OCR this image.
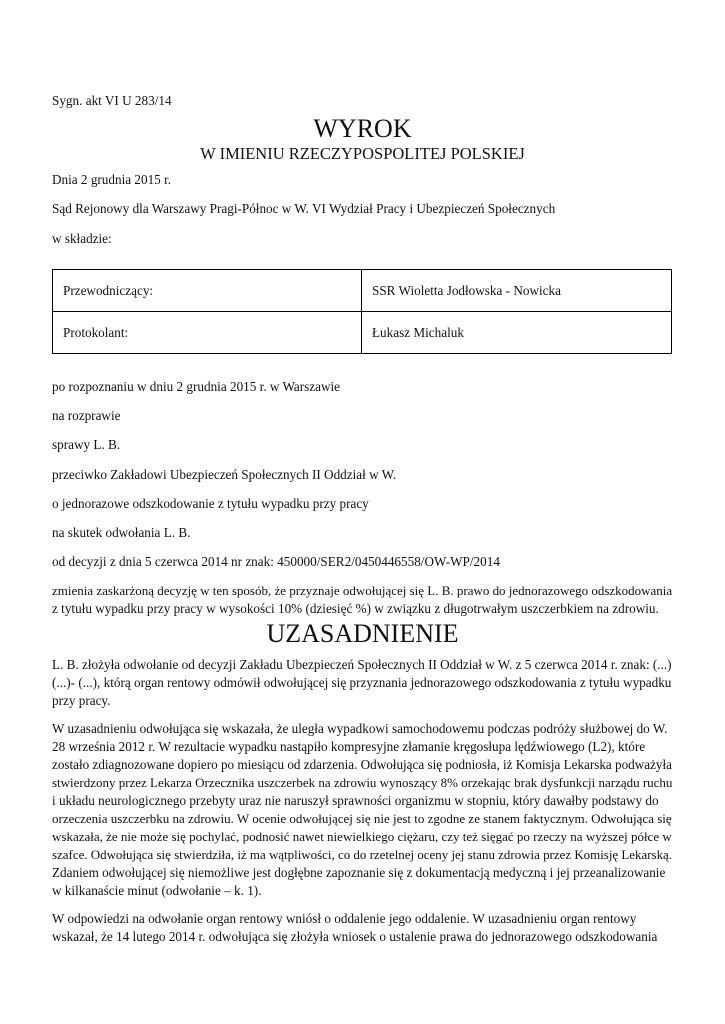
Sygn. akt VI U 283/14
WYROK
W IMIENIU RZECZYPOSPOLITEJ POLSKIEJ
Dnia 2 grudnia 2015 r.
Sąd Rejonowy dla Warszawy Pragi-Północ w W. VI Wydział Pracy i Ubezpieczeń Społecznych
w składzie:
Przewodniczący:	SSR Wioletta Jodłowska - Nowicka
Protokolant:	Łukasz Michaluk
po rozpoznaniu w dniu 2 grudnia 2015 r. w Warszawie
na rozprawie
sprawy L. B.
przeciwko Zakładowi Ubezpieczeń Społecznych II Oddział w W.
o jednorazowe odszkodowanie z tytułu wypadku przy pracy
na skutek odwołania L. B.
od decyzji z dnia 5 czerwca 2014 nr znak: 450000/SER2/0450446558/OW-WP/2014
zmienia zaskarżoną decyzję w ten sposób, że przyznaje odwołującej się L. B. prawo do jednorazowego odszkodowania
z tytułu wypadku przy pracy w wysokości 10% (dziesięć %) w związku z długotrwałym uszczerbkiem na zdrowiu.
UZASADNIENIE
L. B. złożyła odwołanie od decyzji Zakładu Ubezpieczeń Społecznych II Oddział w W. z 5 czerwca 2014 r. znak: (...)
(...)- (...), którą organ rentowy odmówił odwołującej się przyznania jednorazowego odszkodowania z tytułu wypadku
przy pracy.
W uzasadnieniu odwołująca się wskazała, że uległa wypadkowi samochodowemu podczas podróży służbowej do W.
28 września 2012 r. W rezultacie wypadku nastąpiło kompresyjne złamanie kręgosłupa lędźwiowego (L2), które
zostało zdiagnozowane dopiero po miesiącu od zdarzenia. Odwołująca się podniosła, iż Komisja Lekarska podważyła
stwierdzony przez Lekarza Orzecznika uszczerbek na zdrowiu wynoszący 8% orzekając brak dysfunkcji narządu ruchu
i układu neurologicznego przebyty uraz nie naruszył sprawności organizmu w stopniu, który dawałby podstawy do
orzeczenia uszczerbku na zdrowiu. W ocenie odwołującej się nie jest to zgodne ze stanem faktycznym. Odwołująca się
wskazała, że nie może się pochylać, podnosić nawet niewielkiego ciężaru, czy też sięgać po rzeczy na wyższej półce w
szafce. Odwołująca się stwierdziła, iż ma wątpliwości, co do rzetelnej oceny jej stanu zdrowia przez Komisję Lekarską.
Zdaniem odwołującej się niemożliwe jest dogłębne zapoznanie się z dokumentacją medyczną i jej przeanalizowanie
w kilkanaście minut (odwołanie – k. 1).
W odpowiedzi na odwołanie organ rentowy wniósł o oddalenie jego oddalenie. W uzasadnieniu organ rentowy
wskazał, że 14 lutego 2014 r. odwołująca się złożyła wniosek o ustalenie prawa do jednorazowego odszkodowania
